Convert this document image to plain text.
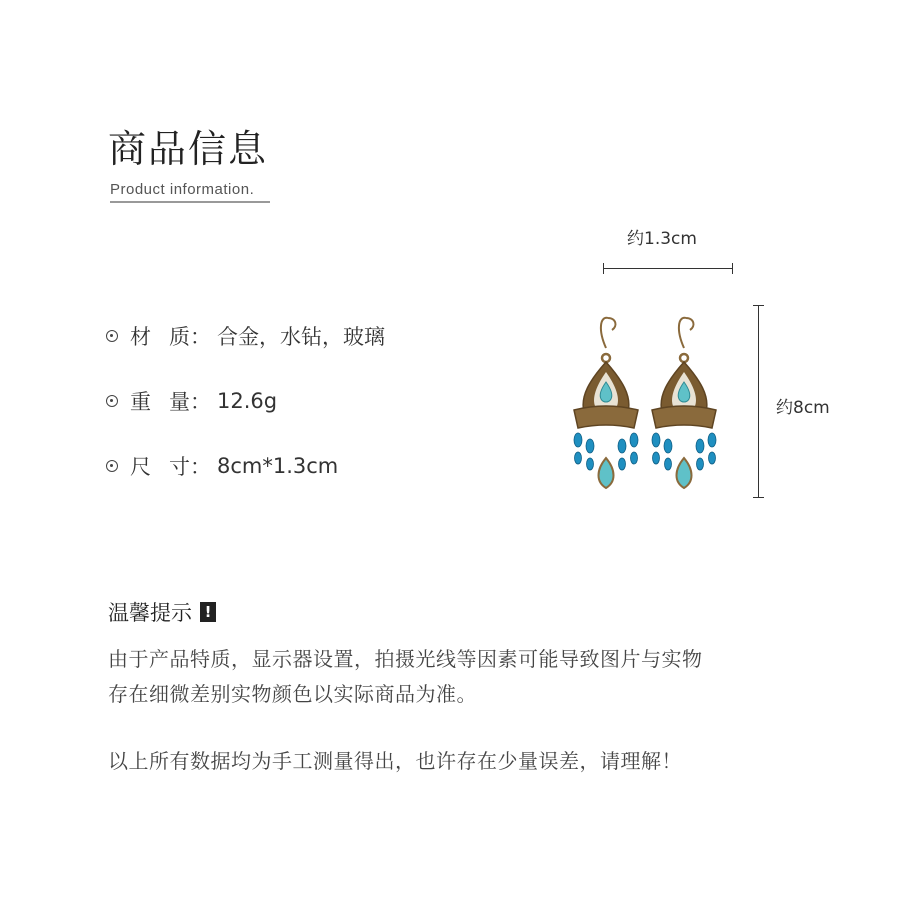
商品信息
Product information.
材 质 ： 合金，水钻，玻璃
重 量 ： 12.6g
尺 寸 ： 8cm*1.3cm
约1.3cm
约8cm
温馨提示 !
由于产品特质，显示器设置，拍摄光线等因素可能导致图片与实物
存在细微差别实物颜色以实际商品为准。
以上所有数据均为手工测量得出，也许存在少量误差，请理解！
